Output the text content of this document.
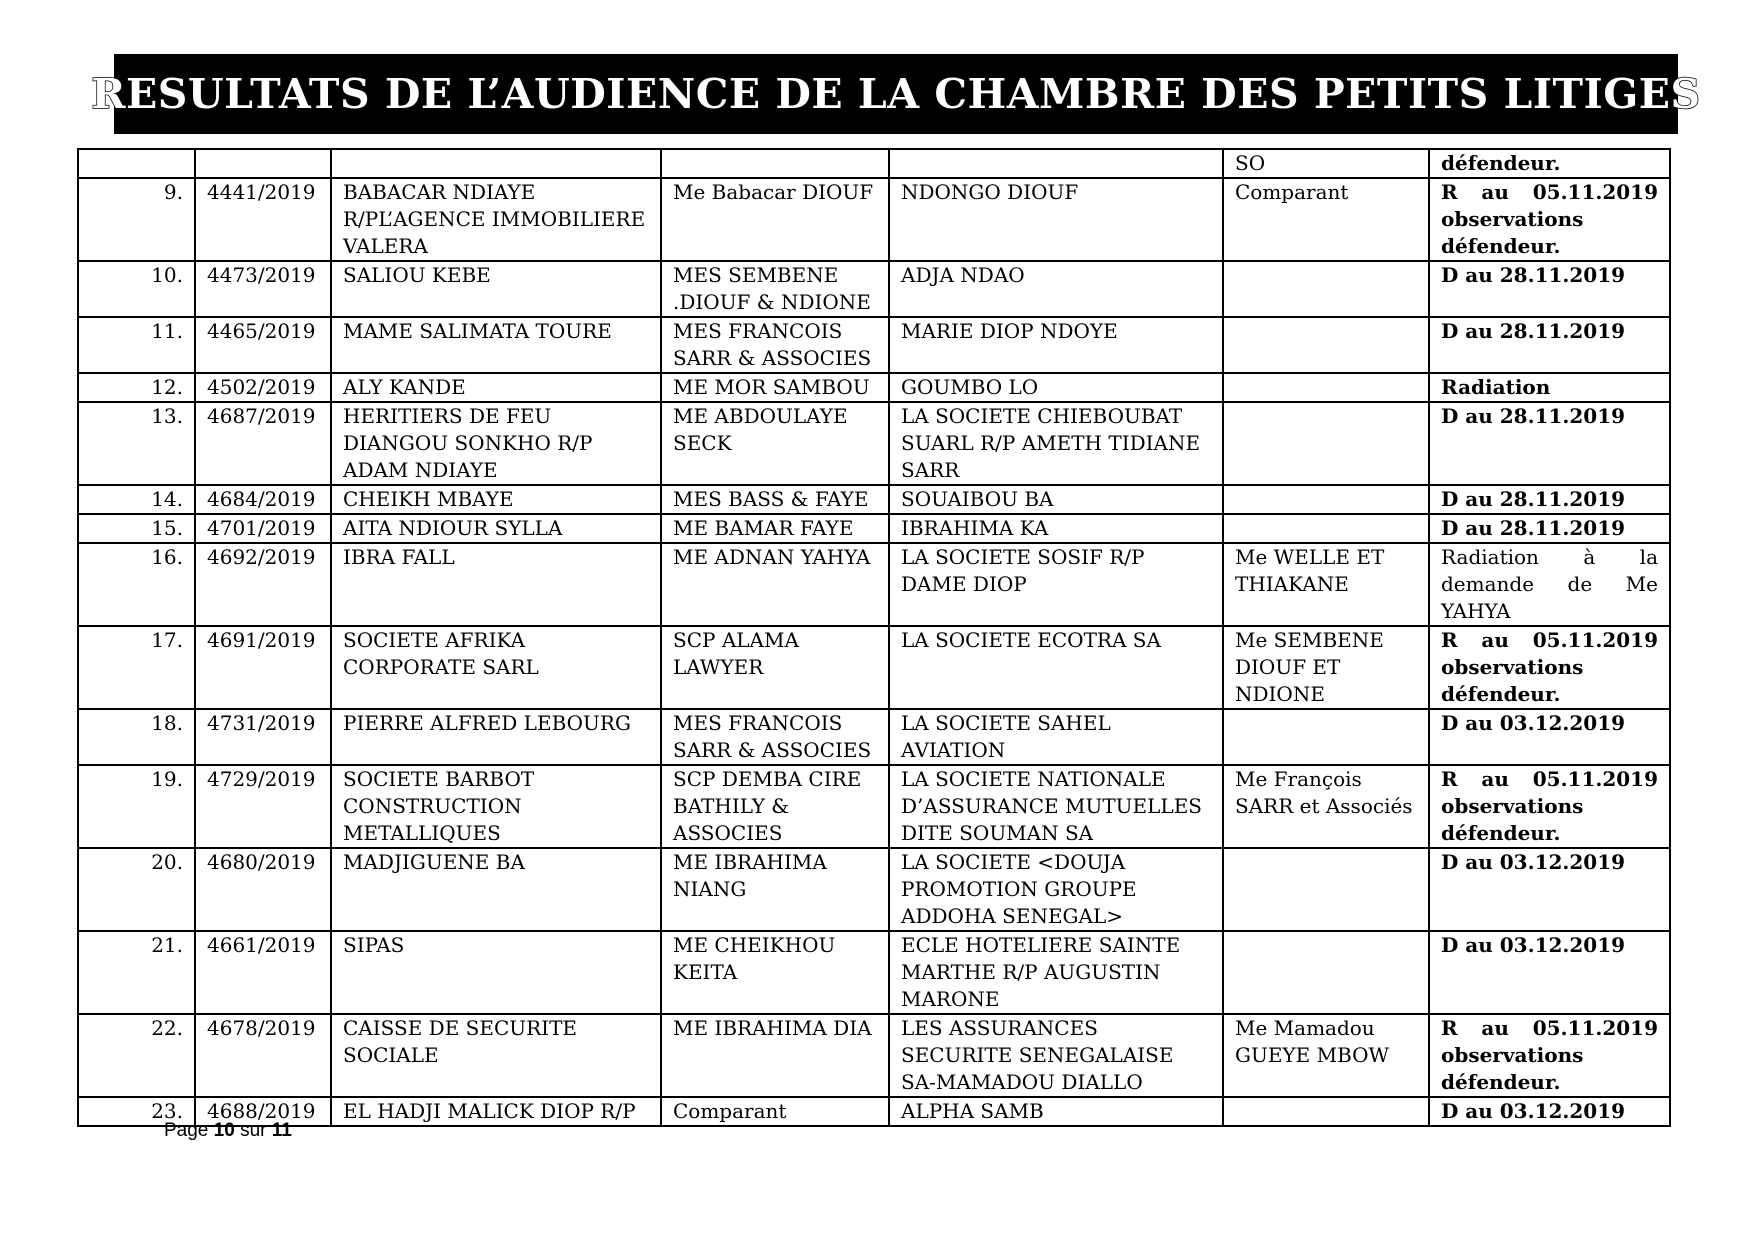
RESULTATS DE L’AUDIENCE DE LA CHAMBRE DES PETITS LITIGES
					SO	défendeur.
9.	4441/2019	BABACAR NDIAYE R/PL’AGENCE IMMOBILIERE VALERA	Me Babacar DIOUF	NDONGO DIOUF	Comparant	R au 05.11.2019 observations défendeur.
10.	4473/2019	SALIOU KEBE	MES SEMBENE .DIOUF & NDIONE	ADJA NDAO		D au 28.11.2019
11.	4465/2019	MAME SALIMATA TOURE	MES FRANCOIS SARR & ASSOCIES	MARIE DIOP NDOYE		D au 28.11.2019
12.	4502/2019	ALY KANDE	ME MOR SAMBOU	GOUMBO LO		Radiation
13.	4687/2019	HERITIERS DE FEU DIANGOU SONKHO R/P ADAM NDIAYE	ME ABDOULAYE SECK	LA SOCIETE CHIEBOUBAT SUARL R/P AMETH TIDIANE SARR		D au 28.11.2019
14.	4684/2019	CHEIKH MBAYE	MES BASS & FAYE	SOUAIBOU BA		D au 28.11.2019
15.	4701/2019	AITA NDIOUR SYLLA	ME BAMAR FAYE	IBRAHIMA KA		D au 28.11.2019
16.	4692/2019	IBRA FALL	ME ADNAN YAHYA	LA SOCIETE SOSIF R/P DAME DIOP	Me WELLE ET THIAKANE	Radiation à la demande de Me YAHYA
17.	4691/2019	SOCIETE AFRIKA CORPORATE SARL	SCP ALAMA LAWYER	LA SOCIETE ECOTRA SA	Me SEMBENE DIOUF ET NDIONE	R au 05.11.2019 observations défendeur.
18.	4731/2019	PIERRE ALFRED LEBOURG	MES FRANCOIS SARR & ASSOCIES	LA SOCIETE SAHEL AVIATION		D au 03.12.2019
19.	4729/2019	SOCIETE BARBOT CONSTRUCTION METALLIQUES	SCP DEMBA CIRE BATHILY & ASSOCIES	LA SOCIETE NATIONALE D’ASSURANCE MUTUELLES DITE SOUMAN SA	Me François SARR et Associés	R au 05.11.2019 observations défendeur.
20.	4680/2019	MADJIGUENE BA	ME IBRAHIMA NIANG	LA SOCIETE <DOUJA PROMOTION GROUPE ADDOHA SENEGAL>		D au 03.12.2019
21.	4661/2019	SIPAS	ME CHEIKHOU KEITA	ECLE HOTELIERE SAINTE MARTHE R/P AUGUSTIN MARONE		D au 03.12.2019
22.	4678/2019	CAISSE DE SECURITE SOCIALE	ME IBRAHIMA DIA	LES ASSURANCES SECURITE SENEGALAISE SA-MAMADOU DIALLO	Me Mamadou GUEYE MBOW	R au 05.11.2019 observations défendeur.
23.	4688/2019	EL HADJI MALICK DIOP R/P	Comparant	ALPHA SAMB		D au 03.12.2019
Page 10 sur 11
